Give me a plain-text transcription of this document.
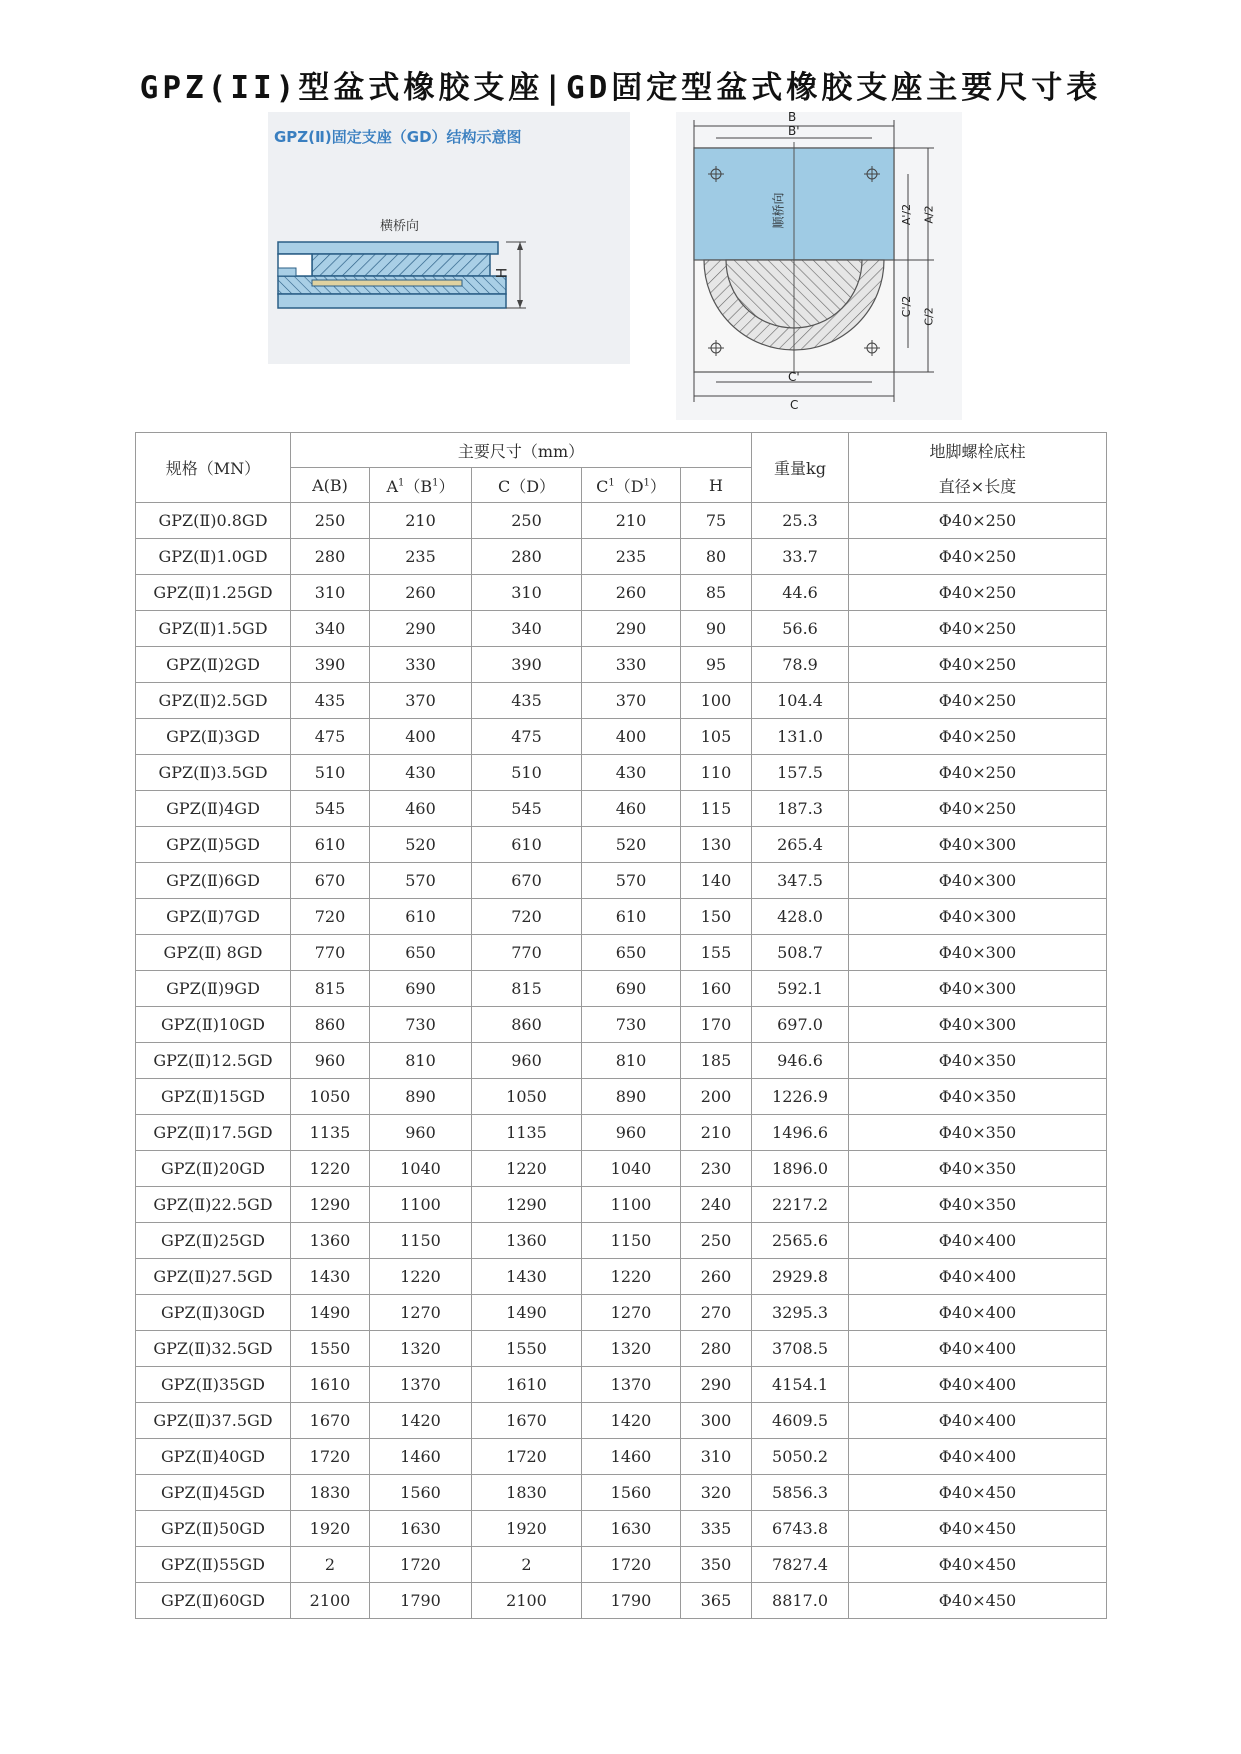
GPZ(II)型盆式橡胶支座|GD固定型盆式橡胶支座主要尺寸表
GPZ(Ⅱ)固定支座（GD）结构示意图
横桥向
H
B
B'
顺桥向	A'/2 A/2
C'/2 C/2
C'
C
规格（MN）	主要尺寸（mm）					重量kg	地脚螺栓底柱
直径×长度

	A(B)	$A^1(B^1)$	C（D）	$C^1(D^1)$	H		
GPZ(Ⅱ)0.8GD	250	210	250	210	75	25.3	Φ40×250
GPZ(Ⅱ)1.0GD	280	235	280	235	80	33.7	Φ40×250
GPZ(Ⅱ)1.25GD	310	260	310	260	85	44.6	Φ40×250
GPZ(Ⅱ)1.5GD	340	290	340	290	90	56.6	Φ40×250
GPZ(Ⅱ)2GD	390	330	390	330	95	78.9	Φ40×250
GPZ(Ⅱ)2.5GD	435	370	435	370	100	104.4	Φ40×250
GPZ(Ⅱ)3GD	475	400	475	400	105	131.0	Φ40×250
GPZ(Ⅱ)3.5GD	510	430	510	430	110	157.5	Φ40×250
GPZ(Ⅱ)4GD	545	460	545	460	115	187.3	Φ40×250
GPZ(Ⅱ)5GD	610	520	610	520	130	265.4	Φ40×300
GPZ(Ⅱ)6GD	670	570	670	570	140	347.5	Φ40×300
GPZ(Ⅱ)7GD	720	610	720	610	150	428.0	Φ40×300
GPZ(Ⅱ) 8GD	770	650	770	650	155	508.7	Φ40×300
GPZ(Ⅱ)9GD	815	690	815	690	160	592.1	Φ40×300
GPZ(Ⅱ)10GD	860	730	860	730	170	697.0	Φ40×300
GPZ(Ⅱ)12.5GD	960	810	960	810	185	946.6	Φ40×350
GPZ(Ⅱ)15GD	1050	890	1050	890	200	1226.9	Φ40×350
GPZ(Ⅱ)17.5GD	1135	960	1135	960	210	1496.6	Φ40×350
GPZ(Ⅱ)20GD	1220	1040	1220	1040	230	1896.0	Φ40×350
GPZ(Ⅱ)22.5GD	1290	1100	1290	1100	240	2217.2	Φ40×350
GPZ(Ⅱ)25GD	1360	1150	1360	1150	250	2565.6	Φ40×400
GPZ(Ⅱ)27.5GD	1430	1220	1430	1220	260	2929.8	Φ40×400
GPZ(Ⅱ)30GD	1490	1270	1490	1270	270	3295.3	Φ40×400
GPZ(Ⅱ)32.5GD	1550	1320	1550	1320	280	3708.5	Φ40×400
GPZ(Ⅱ)35GD	1610	1370	1610	1370	290	4154.1	Φ40×400
GPZ(Ⅱ)37.5GD	1670	1420	1670	1420	300	4609.5	Φ40×400
GPZ(Ⅱ)40GD	1720	1460	1720	1460	310	5050.2	Φ40×400
GPZ(Ⅱ)45GD	1830	1560	1830	1560	320	5856.3	Φ40×450
GPZ(Ⅱ)50GD	1920	1630	1920	1630	335	6743.8	Φ40×450
GPZ(Ⅱ)55GD	2	1720	2	1720	350	7827.4	Φ40×450
GPZ(Ⅱ)60GD	2100	1790	2100	1790	365	8817.0	Φ40×450
